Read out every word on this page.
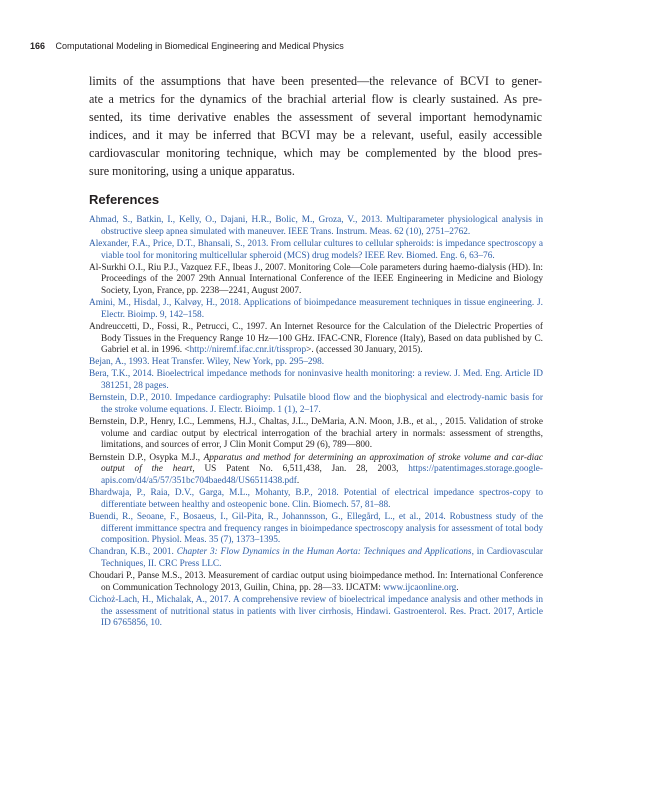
166 Computational Modeling in Biomedical Engineering and Medical Physics
limits of the assumptions that have been presented—the relevance of BCVI to gener-
ate a metrics for the dynamics of the brachial arterial flow is clearly sustained. As pre-
sented, its time derivative enables the assessment of several important hemodynamic
indices, and it may be inferred that BCVI may be a relevant, useful, easily accessible
cardiovascular monitoring technique, which may be complemented by the blood pres-
sure monitoring, using a unique apparatus.
References

Ahmad, S., Batkin, I., Kelly, O., Dajani, H.R., Bolic, M., Groza, V., 2013. Multiparameter physiological analysis in obstructive sleep apnea simulated with maneuver. IEEE Trans. Instrum. Meas. 62 (10), 2751–2762.

Alexander, F.A., Price, D.T., Bhansali, S., 2013. From cellular cultures to cellular spheroids: is impedance spectroscopy a viable tool for monitoring multicellular spheroid (MCS) drug models? IEEE Rev. Biomed. Eng. 6, 63–76.

Al-Surkhi O.I., Riu P.J., Vazquez F.F., Ibeas J., 2007. Monitoring Cole—Cole parameters during haemo-dialysis (HD). In: Proceedings of the 2007 29th Annual International Conference of the IEEE Engineering in Medicine and Biology Society, Lyon, France, pp. 2238—2241, August 2007.

Amini, M., Hisdal, J., Kalvøy, H., 2018. Applications of bioimpedance measurement techniques in tissue engineering. J. Electr. Bioimp. 9, 142–158.

Andreuccetti, D., Fossi, R., Petrucci, C., 1997. An Internet Resource for the Calculation of the Dielectric Properties of Body Tissues in the Frequency Range 10 Hz—100 GHz. IFAC-CNR, Florence (Italy), Based on data published by C. Gabriel et al. in 1996. <http://niremf.ifac.cnr.it/tissprop>. (accessed 30 January, 2015).

Bejan, A., 1993. Heat Transfer. Wiley, New York, pp. 295–298.

Bera, T.K., 2014. Bioelectrical impedance methods for noninvasive health monitoring: a review. J. Med. Eng. Article ID 381251, 28 pages.

Bernstein, D.P., 2010. Impedance cardiography: Pulsatile blood flow and the biophysical and electrody-namic basis for the stroke volume equations. J. Electr. Bioimp. 1 (1), 2–17.

Bernstein, D.P., Henry, I.C., Lemmens, H.J., Chaltas, J.L., DeMaria, A.N. Moon, J.B., et al., , 2015. Validation of stroke volume and cardiac output by electrical interrogation of the brachial artery in normals: assessment of strengths, limitations, and sources of error, J Clin Monit Comput 29 (6), 789—800.

Bernstein D.P., Osypka M.J., Apparatus and method for determining an approximation of stroke volume and car-diac output of the heart, US Patent No. 6,511,438, Jan. 28, 2003, https://patentimages.storage.google-apis.com/d4/a5/57/351bc704baed48/US6511438.pdf.

Bhardwaja, P., Raia, D.V., Garga, M.L., Mohanty, B.P., 2018. Potential of electrical impedance spectros-copy to differentiate between healthy and osteopenic bone. Clin. Biomech. 57, 81–88.

Buendi, R., Seoane, F., Bosaeus, I., Gil-Pita, R., Johannsson, G., Ellegård, L., et al., 2014. Robustness study of the different immittance spectra and frequency ranges in bioimpedance spectroscopy analysis for assessment of total body composition. Physiol. Meas. 35 (7), 1373–1395.

Chandran, K.B., 2001. Chapter 3: Flow Dynamics in the Human Aorta: Techniques and Applications, in Cardiovascular Techniques, II. CRC Press LLC.

Choudari P., Panse M.S., 2013. Measurement of cardiac output using bioimpedance method. In: International Conference on Communication Technology 2013, Guilin, China, pp. 28—33. IJCATM: www.ijcaonline.org.

Cichoż-Lach, H., Michalak, A., 2017. A comprehensive review of bioelectrical impedance analysis and other methods in the assessment of nutritional status in patients with liver cirrhosis, Hindawi. Gastroenterol. Res. Pract. 2017, Article ID 6765856, 10.
